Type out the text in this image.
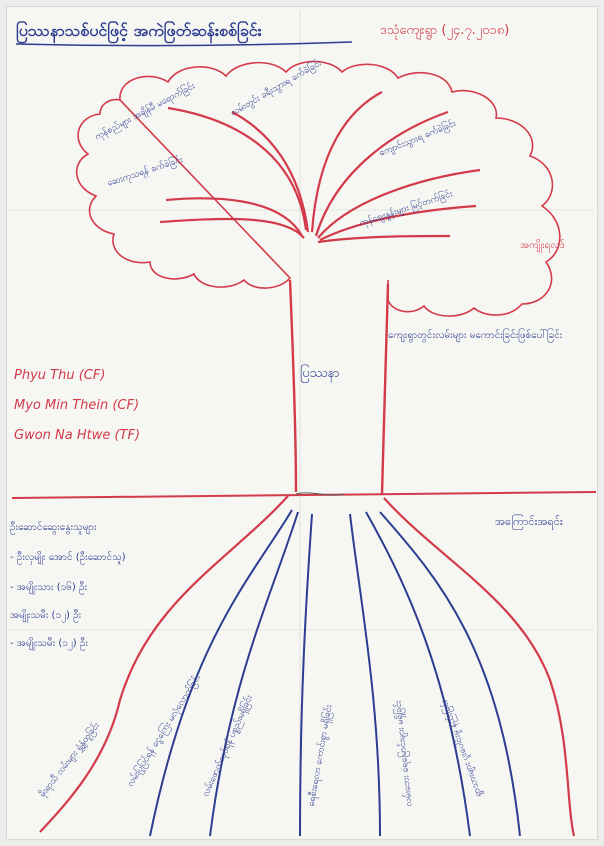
ပြဿနာသစ်ပင်ဖြင့် အကဲဖြတ်ဆန်းစစ်ခြင်း	ဒသုံကျေးရွာ (၂၄.၇.၂၀၁၈)
ကုန်စည်များ အချိန်မီ မရောက်ခြင်း	လမ်းတွင်း ခရီးသွားရ ခက်ခဲခြင်း
ဆေးကုသရန် ခက်ခဲခြင်း
ကျောင်းသွားရ ခက်ခဲခြင်း
ကုန်စျေးနှုန်းများ မြင့်တက်ခြင်း
အကျိုးရလဒ်
ကျေးရွာတွင်းလမ်းများ မကောင်းခြင်းဖြစ်ပေါ်ခြင်း
ပြဿနာ
Phyu Thu (CF)
Myo Min Thein (CF)
Gwon Na Htwe (TF)
အကြောင်းအရင်း
ဦးဆောင်ဆွေးနွေးသူများ
- ဦးလှမျိုး အောင် (ဦးဆောင်သူ)
- အမျိုးသား (၁၆) ဦး
အမျိုးသမီး (၁၂) ဦး
- အမျိုးသမီး (၁၂) ဦး
မိုးရာသီ လမ်းများ ရွှံ့နွံထူခြင်း	လမ်းပြုပြင်ရန် ငွေကြေး မလုံလောက်ခြင်း
လမ်းဖောက်လုပ်ရန် ပစ္စည်းမရှိခြင်း	ရေစီးရေလာ ကောင်းစွာ မရှိခြင်း	လမ်းဘေး ရေမြောင်းများ မရှိခြင်း	ရွာသားများ ပူးပေါင်းမှု နည်းခြင်း
